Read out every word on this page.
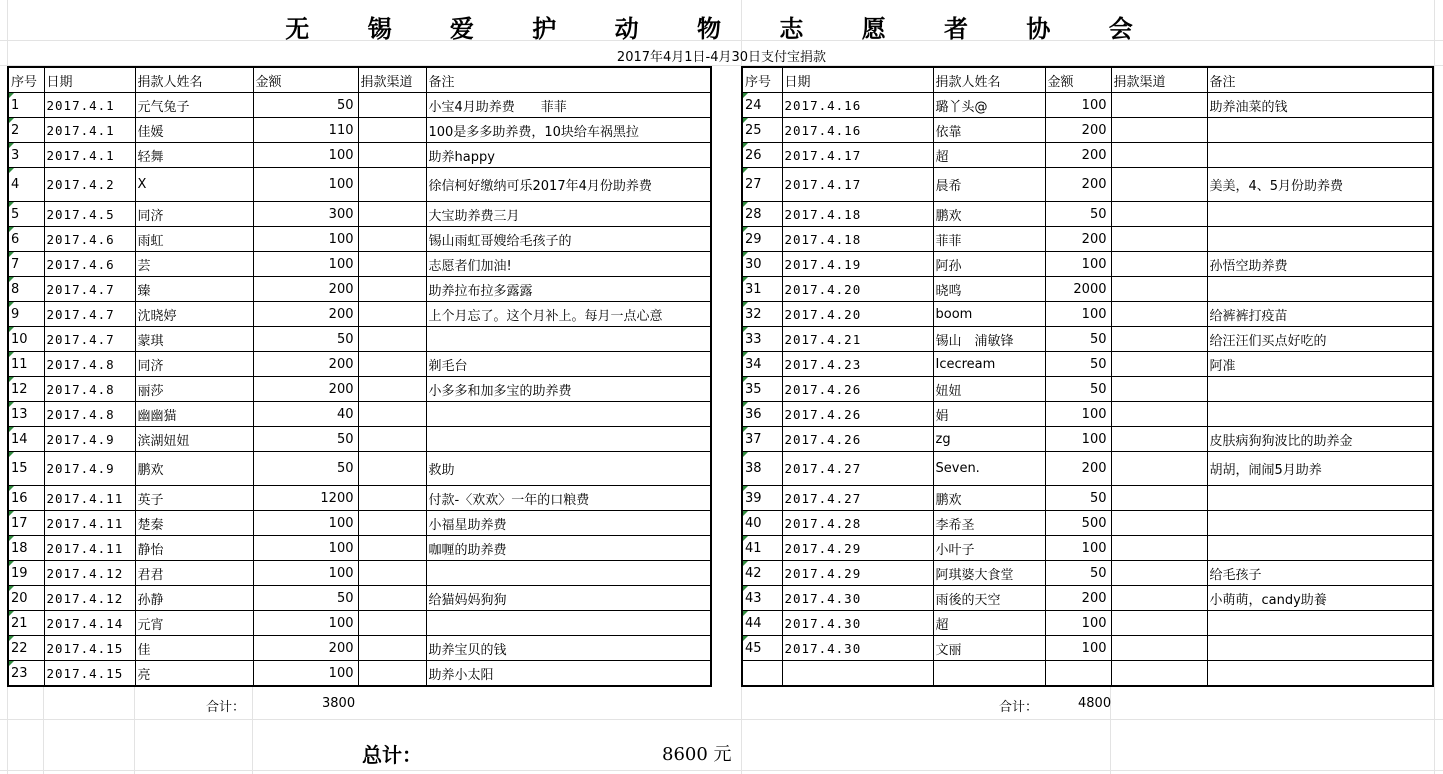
无 锡 爱 护 动 物 志 愿 者 协 会
2017年4月1日-4月30日支付宝捐款
序号	日期	捐款人姓名	金额	捐款渠道	备注
1	2017.4.1	元气兔子	50		小宝4月助养费　　菲菲
2	2017.4.1	佳媛	110		100是多多助养费，10块给车祸黑拉
3	2017.4.1	轻舞	100		助养happy
4	2017.4.2	X	100		徐信柯好缴纳可乐2017年4月份助养费
5	2017.4.5	同济	300		大宝助养费三月
6	2017.4.6	雨虹	100		锡山雨虹哥嫂给毛孩子的
7	2017.4.6	芸	100		志愿者们加油!
8	2017.4.7	臻	200		助养拉布拉多露露
9	2017.4.7	沈晓婷	200		上个月忘了。这个月补上。每月一点心意
10	2017.4.7	蒙琪	50		
11	2017.4.8	同济	200		剃毛台
12	2017.4.8	丽莎	200		小多多和加多宝的助养费
13	2017.4.8	幽幽猫	40		
14	2017.4.9	滨湖妞妞	50		
15	2017.4.9	鹏欢	50		救助
16	2017.4.11	英子	1200		付款-〈欢欢〉一年的口粮费
17	2017.4.11	楚秦	100		小福星助养费
18	2017.4.11	静怡	100		咖喱的助养费
19	2017.4.12	君君	100		
20	2017.4.12	孙静	50		给猫妈妈狗狗
21	2017.4.14	元宵	100		
22	2017.4.15	佳	200		助养宝贝的钱
23	2017.4.15	亮	100		助养小太阳
序号	日期	捐款人姓名	金额	捐款渠道	备注
24	2017.4.16	璐丫头@	100		助养油菜的钱
25	2017.4.16	依靠	200		
26	2017.4.17	超	200		
27	2017.4.17	晨希	200		美美，4、5月份助养费
28	2017.4.18	鹏欢	50		
29	2017.4.18	菲菲	200		
30	2017.4.19	阿孙	100		孙悟空助养费
31	2017.4.20	晓鸣	2000		
32	2017.4.20	boom	100		给裤裤打疫苗
33	2017.4.21	锡山　浦敏锋	50		给汪汪们买点好吃的
34	2017.4.23	Icecream	50		阿准
35	2017.4.26	妞妞	50		
36	2017.4.26	娟	100		
37	2017.4.26	zg	100		皮肤病狗狗波比的助养金
38	2017.4.27	Seven.	200		胡胡，闹闹5月助养
39	2017.4.27	鹏欢	50		
40	2017.4.28	李希圣	500		
41	2017.4.29	小叶子	100		
42	2017.4.29	阿琪婆大食堂	50		给毛孩子
43	2017.4.30	雨後的天空	200		小萌萌，candy助養
44	2017.4.30	超	100		
45	2017.4.30	文丽	100		

合计：	3800	合计：	4800
总计：	8600 元
